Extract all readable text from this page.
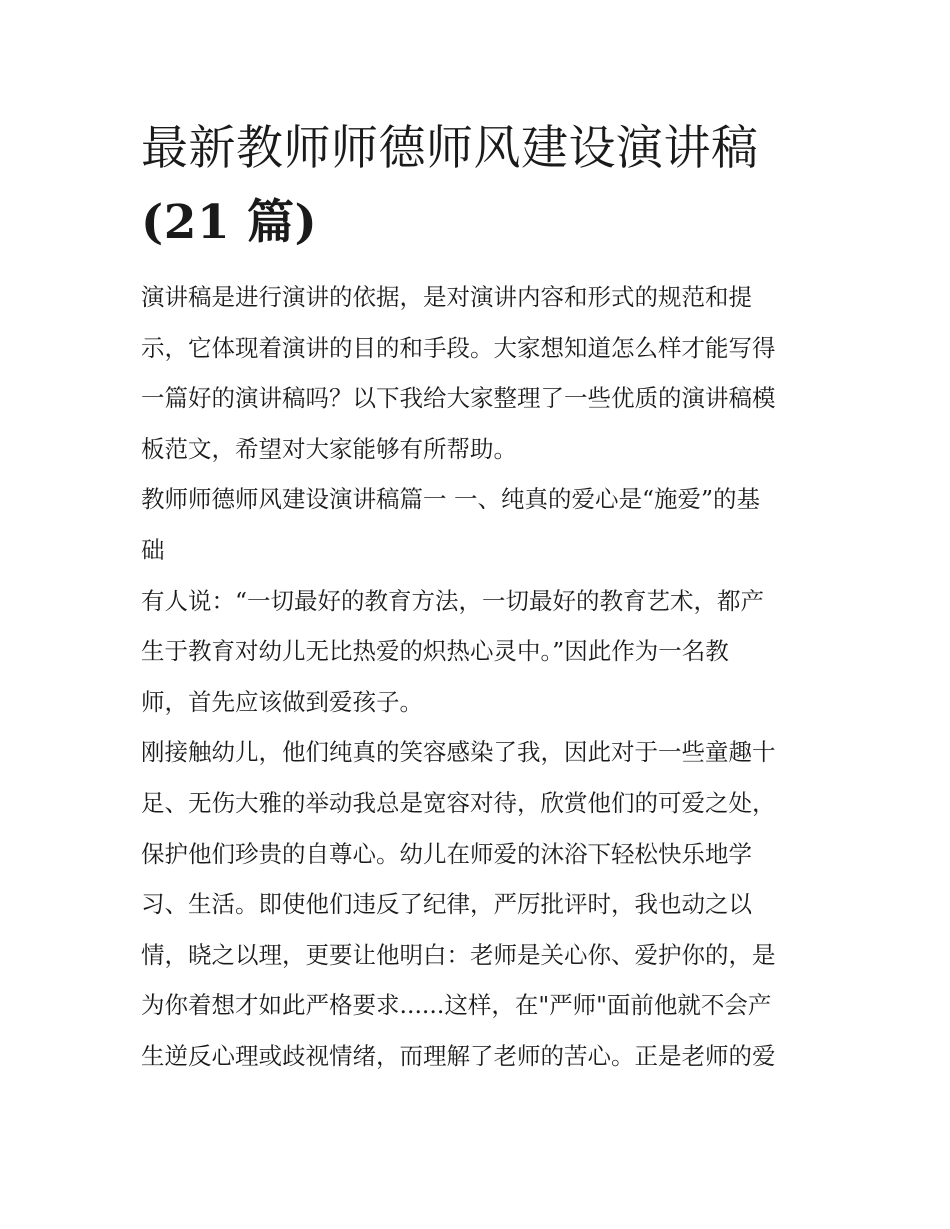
最新教师师德师风建设演讲稿
(21 篇)
演讲稿是进行演讲的依据，是对演讲内容和形式的规范和提
示，它体现着演讲的目的和手段。大家想知道怎么样才能写得
一篇好的演讲稿吗？以下我给大家整理了一些优质的演讲稿模
板范文，希望对大家能够有所帮助。
教师师德师风建设演讲稿篇一 一、纯真的爱心是“施爱”的基
础
有人说：“一切最好的教育方法，一切最好的教育艺术，都产
生于教育对幼儿无比热爱的炽热心灵中。”因此作为一名教
师，首先应该做到爱孩子。
刚接触幼儿，他们纯真的笑容感染了我，因此对于一些童趣十
足、无伤大雅的举动我总是宽容对待，欣赏他们的可爱之处，
保护他们珍贵的自尊心。幼儿在师爱的沐浴下轻松快乐地学
习、生活。即使他们违反了纪律，严厉批评时，我也动之以
情，晓之以理，更要让他明白：老师是关心你、爱护你的，是
为你着想才如此严格要求......这样，在"严师"面前他就不会产
生逆反心理或歧视情绪，而理解了老师的苦心。正是老师的爱
